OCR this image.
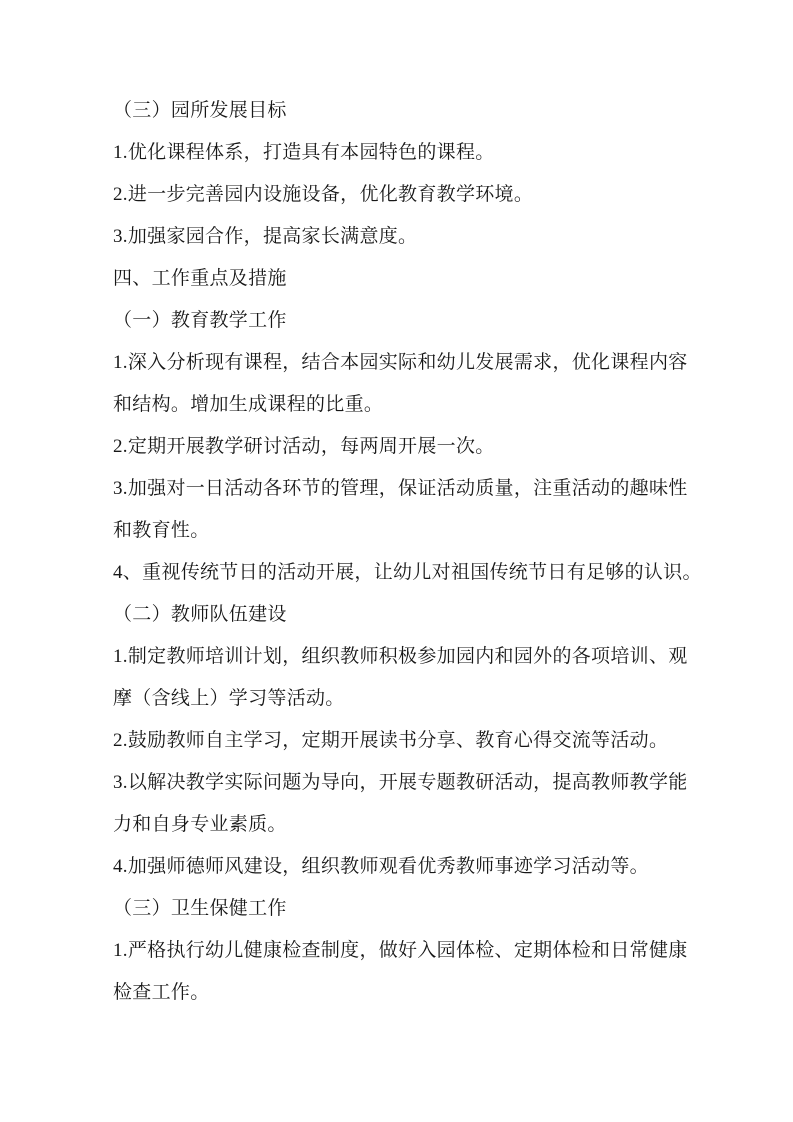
（三）园所发展目标
1.优化课程体系，打造具有本园特色的课程。
2.进一步完善园内设施设备，优化教育教学环境。
3.加强家园合作，提高家长满意度。
四、工作重点及措施
（一）教育教学工作
1.深入分析现有课程，结合本园实际和幼儿发展需求，优化课程内容
和结构。增加生成课程的比重。
2.定期开展教学研讨活动，每两周开展一次。
3.加强对一日活动各环节的管理，保证活动质量，注重活动的趣味性
和教育性。
4、重视传统节日的活动开展，让幼儿对祖国传统节日有足够的认识。
（二）教师队伍建设
1.制定教师培训计划，组织教师积极参加园内和园外的各项培训、观
摩（含线上）学习等活动。
2.鼓励教师自主学习，定期开展读书分享、教育心得交流等活动。
3.以解决教学实际问题为导向，开展专题教研活动，提高教师教学能
力和自身专业素质。
4.加强师德师风建设，组织教师观看优秀教师事迹学习活动等。
（三）卫生保健工作
1.严格执行幼儿健康检查制度，做好入园体检、定期体检和日常健康
检查工作。
